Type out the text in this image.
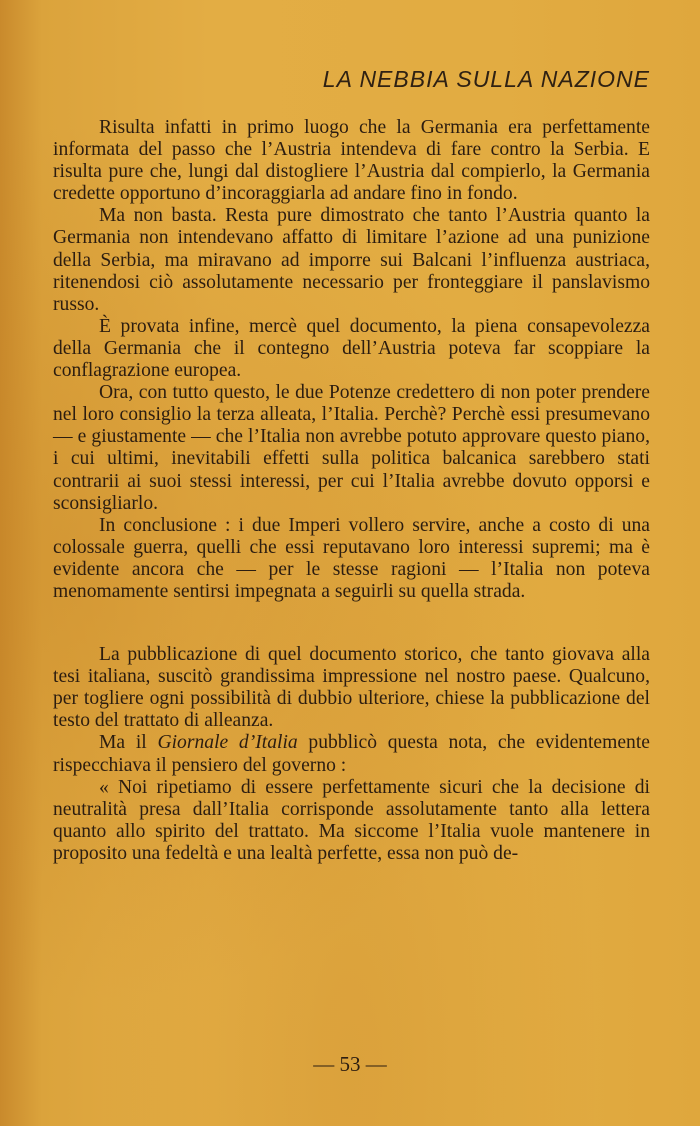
LA NEBBIA SULLA NAZIONE

Risulta infatti in primo luogo che la Germania era perfettamente informata del passo che l’Austria intendeva di fare contro la Serbia. E risulta pure che, lungi dal distogliere l’Austria dal compierlo, la Germania credette opportuno d’incoraggiarla ad andare fino in fondo.

Ma non basta. Resta pure dimostrato che tanto l’Austria quanto la Germania non intendevano affatto di limitare l’azione ad una punizione della Serbia, ma miravano ad imporre sui Balcani l’influenza austriaca, ritenendosi ciò assolutamente necessario per fronteggiare il panslavismo russo.

È provata infine, mercè quel documento, la piena consapevolezza della Germania che il contegno dell’Austria poteva far scoppiare la conflagrazione europea.

Ora, con tutto questo, le due Potenze credettero di non poter prendere nel loro consiglio la terza alleata, l’Italia. Perchè? Perchè essi presumevano — e giustamente — che l’Italia non avrebbe potuto approvare questo piano, i cui ultimi, inevitabili effetti sulla politica balcanica sarebbero stati contrarii ai suoi stessi interessi, per cui l’Italia avrebbe dovuto opporsi e sconsigliarlo.

In conclusione : i due Imperi vollero servire, anche a costo di una colossale guerra, quelli che essi reputavano loro interessi supremi; ma è evidente ancora che — per le stesse ragioni — l’Italia non poteva menomamente sentirsi impegnata a seguirli su quella strada.

La pubblicazione di quel documento storico, che tanto giovava alla tesi italiana, suscitò grandissima impressione nel nostro paese. Qualcuno, per togliere ogni possibilità di dubbio ulteriore, chiese la pubblicazione del testo del trattato di alleanza.

Ma il Giornale d’Italia pubblicò questa nota, che evidentemente rispecchiava il pensiero del governo :

« Noi ripetiamo di essere perfettamente sicuri che la decisione di neutralità presa dall’Italia corrisponde assolutamente tanto alla lettera quanto allo spirito del trattato. Ma siccome l’Italia vuole mantenere in proposito una fedeltà e una lealtà perfette, essa non può de-

— 53 —
